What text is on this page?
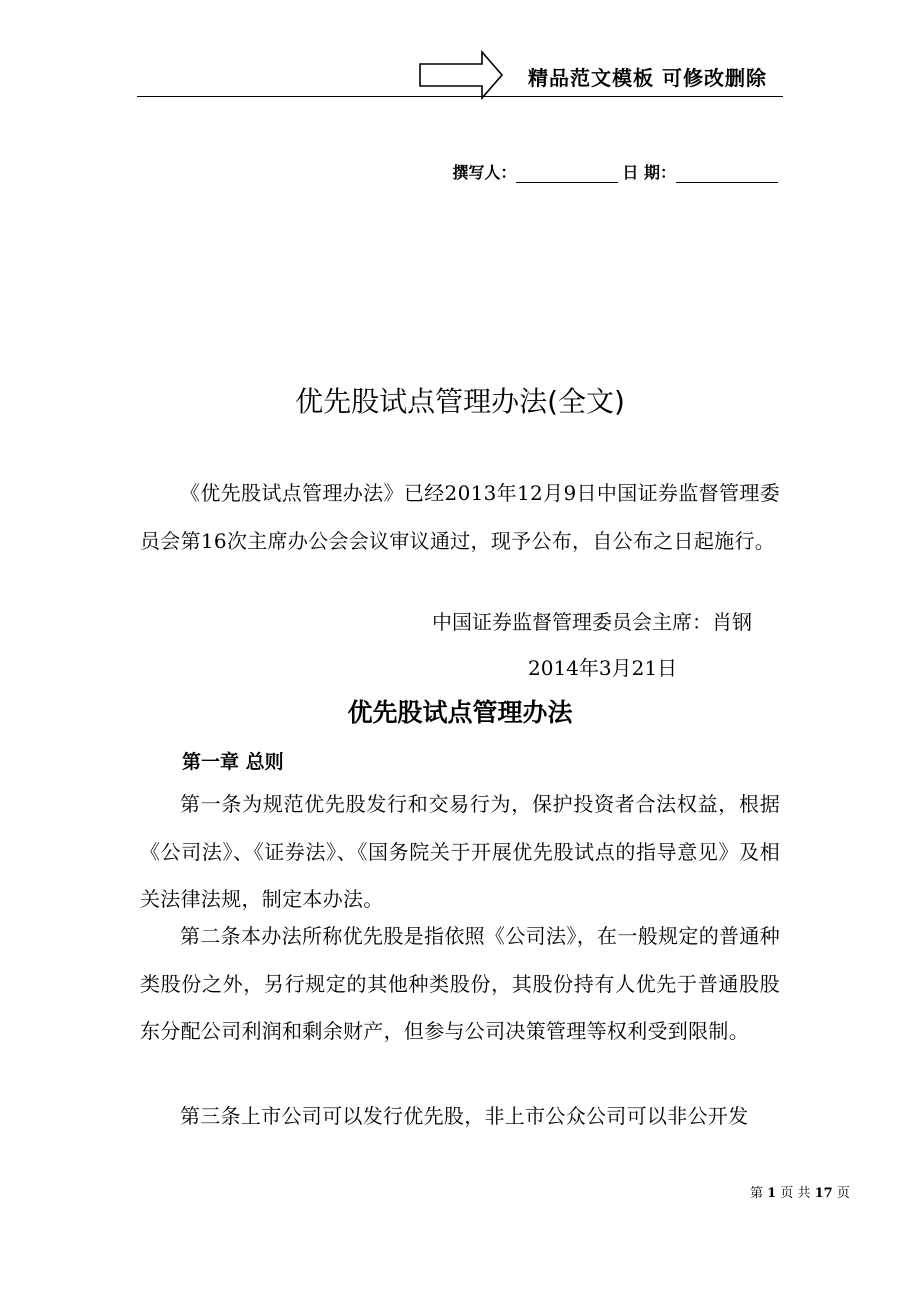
精品范文模板 可修改删除
撰写人：	日 期：
优先股试点管理办法(全文)
《优先股试点管理办法》已经2013年12月9日中国证券监督管理委员会第16次主席办公会会议审议通过，现予公布，自公布之日起施行。
中国证券监督管理委员会主席：肖钢
2014年3月21日
优先股试点管理办法
第一章 总则
第一条为规范优先股发行和交易行为，保护投资者合法权益，根据《公司法》、《证券法》、《国务院关于开展优先股试点的指导意见》及相关法律法规，制定本办法。
第二条本办法所称优先股是指依照《公司法》，在一般规定的普通种类股份之外，另行规定的其他种类股份，其股份持有人优先于普通股股东分配公司利润和剩余财产，但参与公司决策管理等权利受到限制。
第三条上市公司可以发行优先股，非上市公众公司可以非公开发
第 1 页 共 17 页
